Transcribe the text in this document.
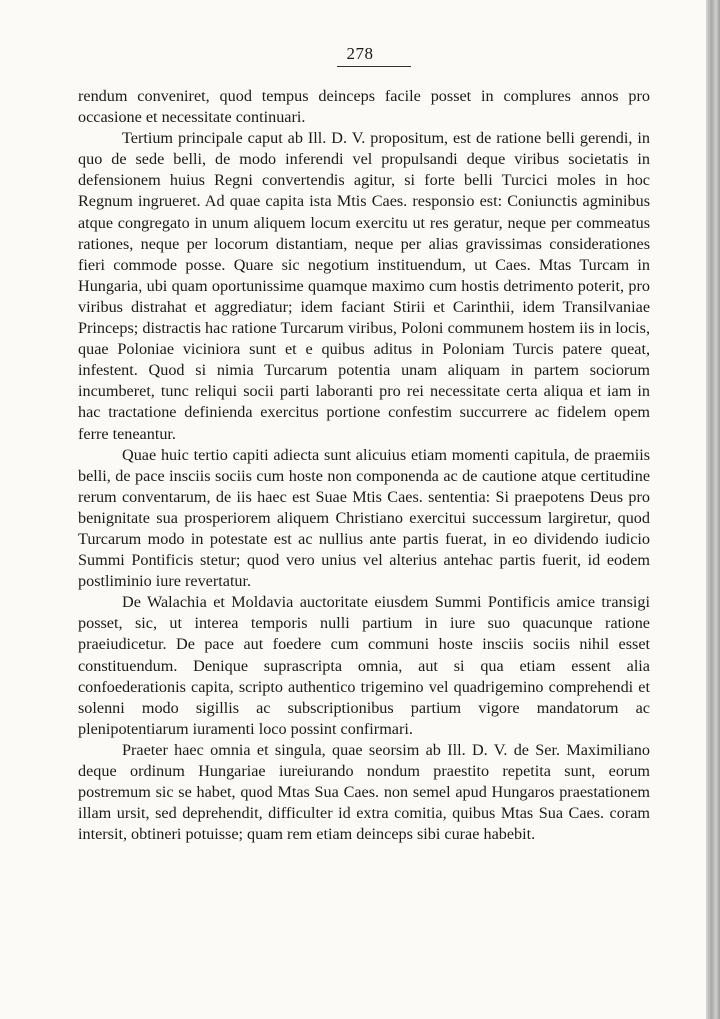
278

rendum conveniret, quod tempus deinceps facile posset in complures annos pro occasione et necessitate continuari.

Tertium principale caput ab Ill. D. V. propositum, est de ratione belli gerendi, in quo de sede belli, de modo inferendi vel propulsandi deque viribus societatis in defensionem huius Regni convertendis agitur, si forte belli Turcici moles in hoc Regnum ingrueret. Ad quae capita ista Mtis Caes. responsio est: Coniunctis agminibus atque congregato in unum aliquem locum exercitu ut res geratur, neque per commeatus rationes, neque per locorum distantiam, neque per alias gravissimas considerationes fieri commode posse. Quare sic negotium instituendum, ut Caes. Mtas Turcam in Hungaria, ubi quam oportunissime quamque maximo cum hostis detrimento poterit, pro viribus distrahat et aggrediatur; idem faciant Stirii et Carinthii, idem Transilvaniae Princeps; distractis hac ratione Turcarum viribus, Poloni communem hostem iis in locis, quae Poloniae viciniora sunt et e quibus aditus in Poloniam Turcis patere queat, infestent. Quod si nimia Turcarum potentia unam aliquam in partem sociorum incumberet, tunc reliqui socii parti laboranti pro rei necessitate certa aliqua et iam in hac tractatione definienda exercitus portione confestim succurrere ac fidelem opem ferre teneantur.

Quae huic tertio capiti adiecta sunt alicuius etiam momenti capitula, de praemiis belli, de pace insciis sociis cum hoste non componenda ac de cautione atque certitudine rerum conventarum, de iis haec est Suae Mtis Caes. sententia: Si praepotens Deus pro benignitate sua prosperiorem aliquem Christiano exercitui successum largiretur, quod Turcarum modo in potestate est ac nullius ante partis fuerat, in eo dividendo iudicio Summi Pontificis stetur; quod vero unius vel alterius antehac partis fuerit, id eodem postliminio iure revertatur.

De Walachia et Moldavia auctoritate eiusdem Summi Pontificis amice transigi posset, sic, ut interea temporis nulli partium in iure suo quacunque ratione praeiudicetur. De pace aut foedere cum communi hoste insciis sociis nihil esset constituendum. Denique suprascripta omnia, aut si qua etiam essent alia confoederationis capita, scripto authentico trigemino vel quadrigemino comprehendi et solenni modo sigillis ac subscriptionibus partium vigore mandatorum ac plenipotentiarum iuramenti loco possint confirmari.

Praeter haec omnia et singula, quae seorsim ab Ill. D. V. de Ser. Maximiliano deque ordinum Hungariae iureiurando nondum praestito repetita sunt, eorum postremum sic se habet, quod Mtas Sua Caes. non semel apud Hungaros praestationem illam ursit, sed deprehendit, difficulter id extra comitia, quibus Mtas Sua Caes. coram intersit, obtineri potuisse; quam rem etiam deinceps sibi curae habebit.
